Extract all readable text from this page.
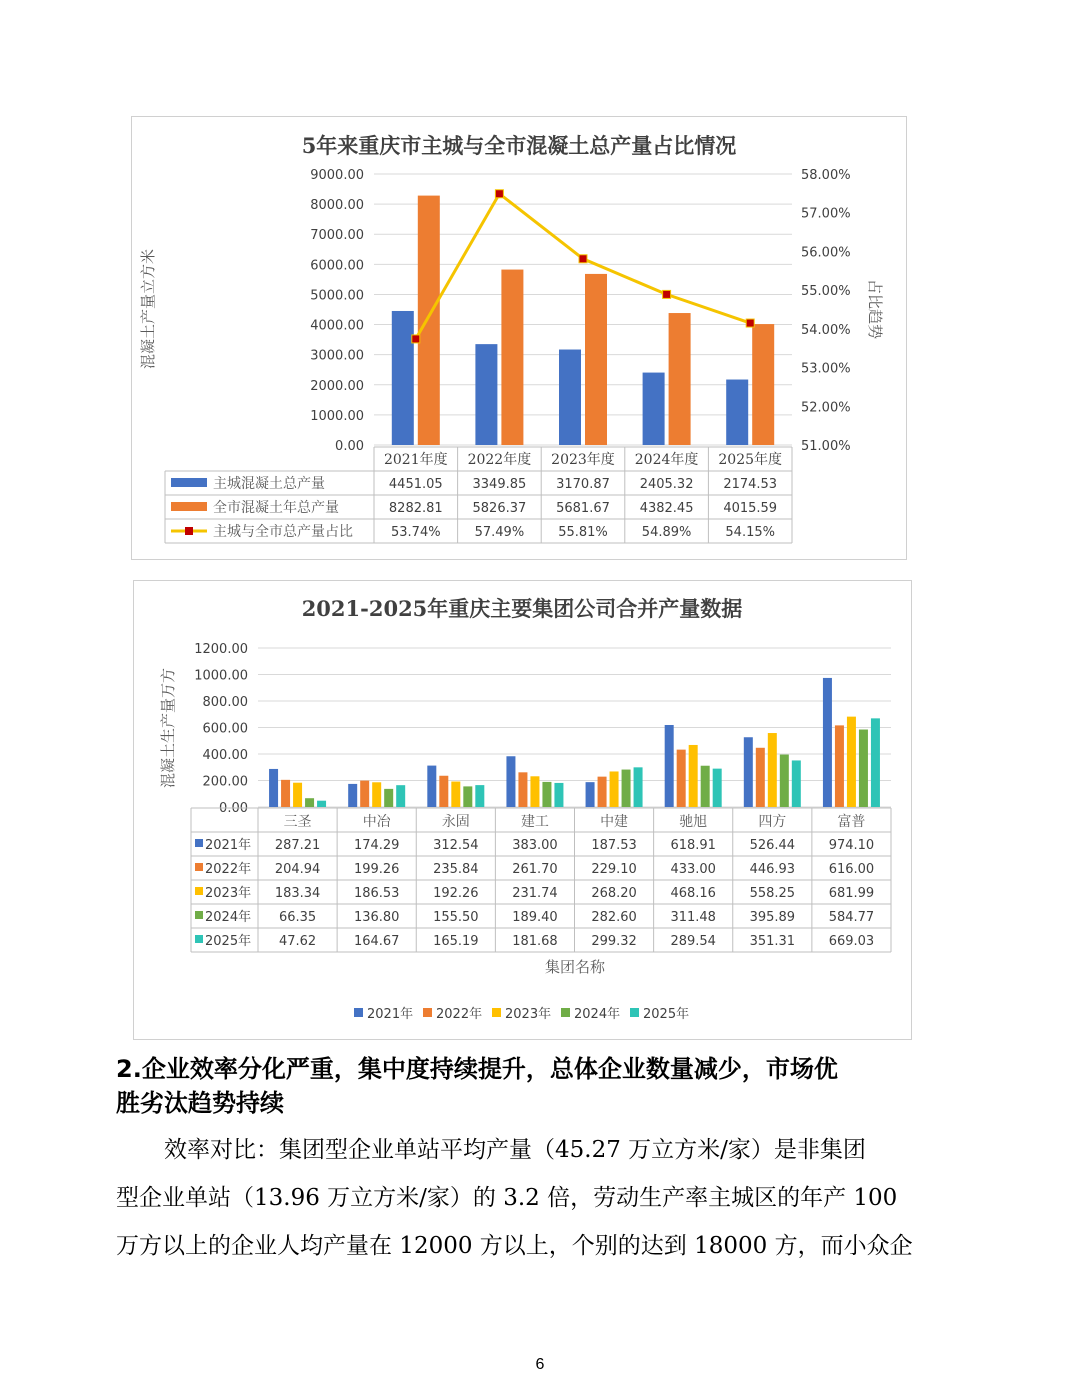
5年来重庆市主城与全市混凝土总产量占比情况
0.00
1000.00
2000.00
3000.00
4000.00
5000.00
6000.00
7000.00
8000.00
9000.00
51.00%
52.00%
53.00%
54.00%
55.00%
56.00%
57.00%
58.00%
混凝土产量立方米	占比趋势
2021年度 2022年度 2023年度 2024年度 2025年度
主城混凝土总产量	4451.05 3349.85 3170.87 2405.32 2174.53
全市混凝土年总产量	8282.81 5826.37 5681.67 4382.45 4015.59
主城与全市总产量占比	53.74%	57.49%	55.81%	54.89%	54.15%
2021-2025年重庆主要集团公司合并产量数据
0.00
200.00
400.00
600.00
800.00
1000.00
1200.00
混凝土生产量万方
三圣	中冶	永固	建工	中建	驰旭	四方	富普
2021年 287.21	174.29	312.54	383.00	187.53	618.91	526.44	974.10
2022年 204.94	199.26	235.84	261.70	229.10	433.00	446.93	616.00
2023年 183.34	186.53	192.26	231.74	268.20	468.16	558.25	681.99
2024年 66.35	136.80	155.50	189.40	282.60	311.48	395.89	584.77
2025年 47.62	164.67	165.19	181.68	299.32	289.54	351.31	669.03
集团名称
2021年 2022年 2023年 2024年 2025年
2.企业效率分化严重，集中度持续提升，总体企业数量减少，市场优
胜劣汰趋势持续
效率对比：集团型企业单站平均产量（45.27 万立方米/家）是非集团
型企业单站（13.96 万立方米/家）的 3.2 倍，劳动生产率主城区的年产 100
万方以上的企业人均产量在 12000 方以上，个别的达到 18000 方，而小众企
6
